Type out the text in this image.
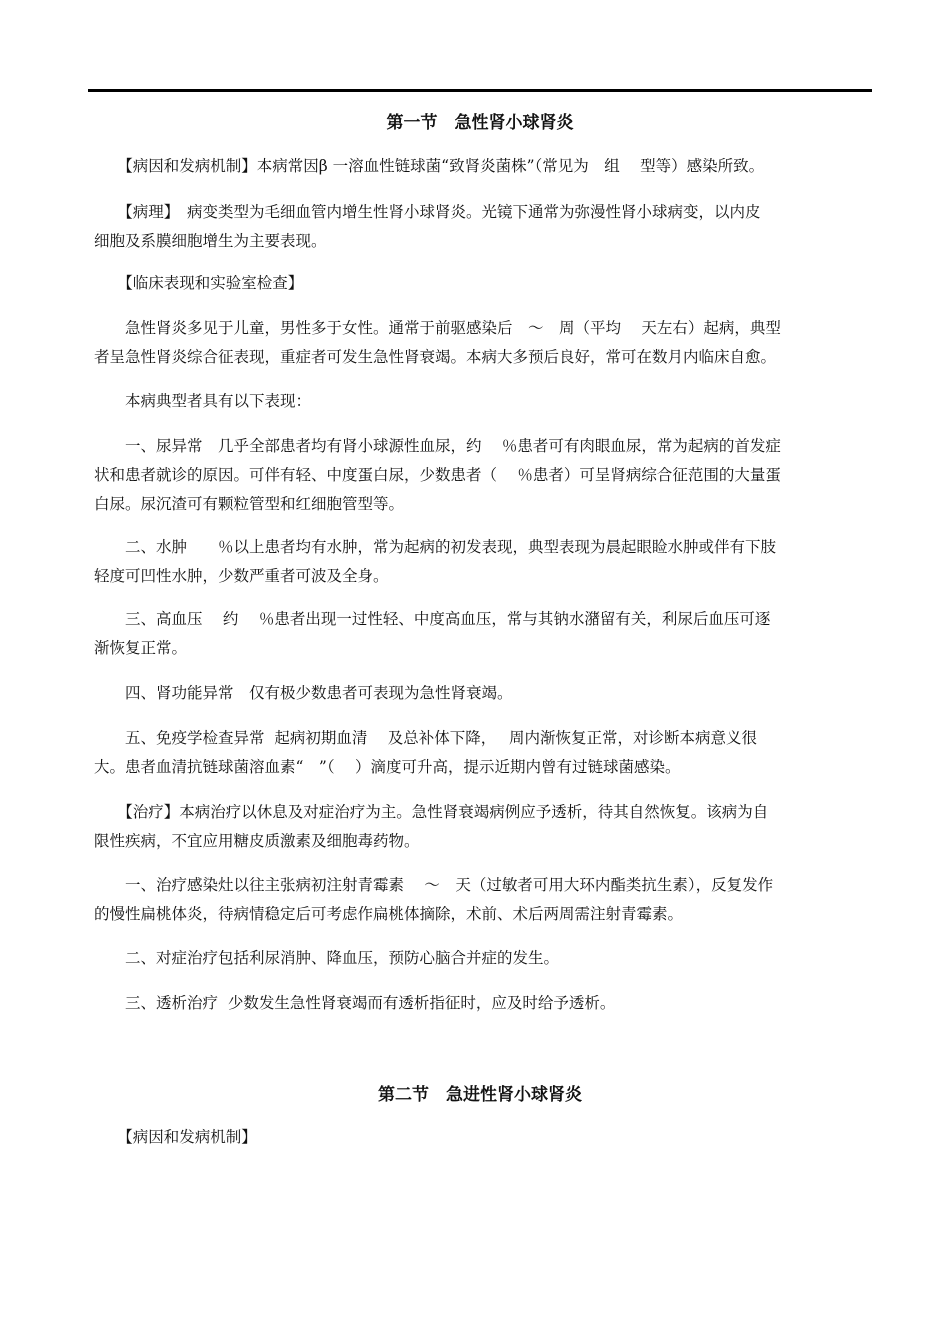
第一节　急性肾小球肾炎

　　【病因和发病机制】本病常因β 一溶血性链球菌“致肾炎菌株”（常见为　组　 型等）感染所致。

　　【病理】　病变类型为毛细血管内增生性肾小球肾炎。光镜下通常为弥漫性肾小球病变，以内皮
细胞及系膜细胞增生为主要表现。

　　【临床表现和实验室检查】

　　急性肾炎多见于儿童，男性多于女性。通常于前驱感染后　～　周（平均　 天左右）起病，典型
者呈急性肾炎综合征表现，重症者可发生急性肾衰竭。本病大多预后良好，常可在数月内临床自愈。

　　本病典型者具有以下表现：

　　一、尿异常　几乎全部患者均有肾小球源性血尿，约　 ％患者可有肉眼血尿，常为起病的首发症
状和患者就诊的原因。可伴有轻、中度蛋白尿，少数患者（　 ％患者）可呈肾病综合征范围的大量蛋
白尿。尿沉渣可有颗粒管型和红细胞管型等。

　　二、水肿　　％以上患者均有水肿，常为起病的初发表现，典型表现为晨起眼睑水肿或伴有下肢
轻度可凹性水肿，少数严重者可波及全身。

　　三、高血压　 约　 ％患者出现一过性轻、中度高血压，常与其钠水潴留有关，利尿后血压可逐
渐恢复正常。

　　四、肾功能异常　仅有极少数患者可表现为急性肾衰竭。

　　五、免疫学检查异常  起病初期血清　 及总补体下降，　 周内渐恢复正常，对诊断本病意义很
大。患者血清抗链球菌溶血素“　”（　 ）滴度可升高，提示近期内曾有过链球菌感染。

　　【治疗】本病治疗以休息及对症治疗为主。急性肾衰竭病例应予透析，待其自然恢复。该病为自
限性疾病，不宜应用糖皮质激素及细胞毒药物。

　　一、治疗感染灶以往主张病初注射青霉素　 ～　天（过敏者可用大环内酯类抗生素），反复发作
的慢性扁桃体炎，待病情稳定后可考虑作扁桃体摘除，术前、术后两周需注射青霉素。

　　二、对症治疗包括利尿消肿、降血压，预防心脑合并症的发生。

　　三、透析治疗  少数发生急性肾衰竭而有透析指征时，应及时给予透析。

第二节　急进性肾小球肾炎

　　【病因和发病机制】
